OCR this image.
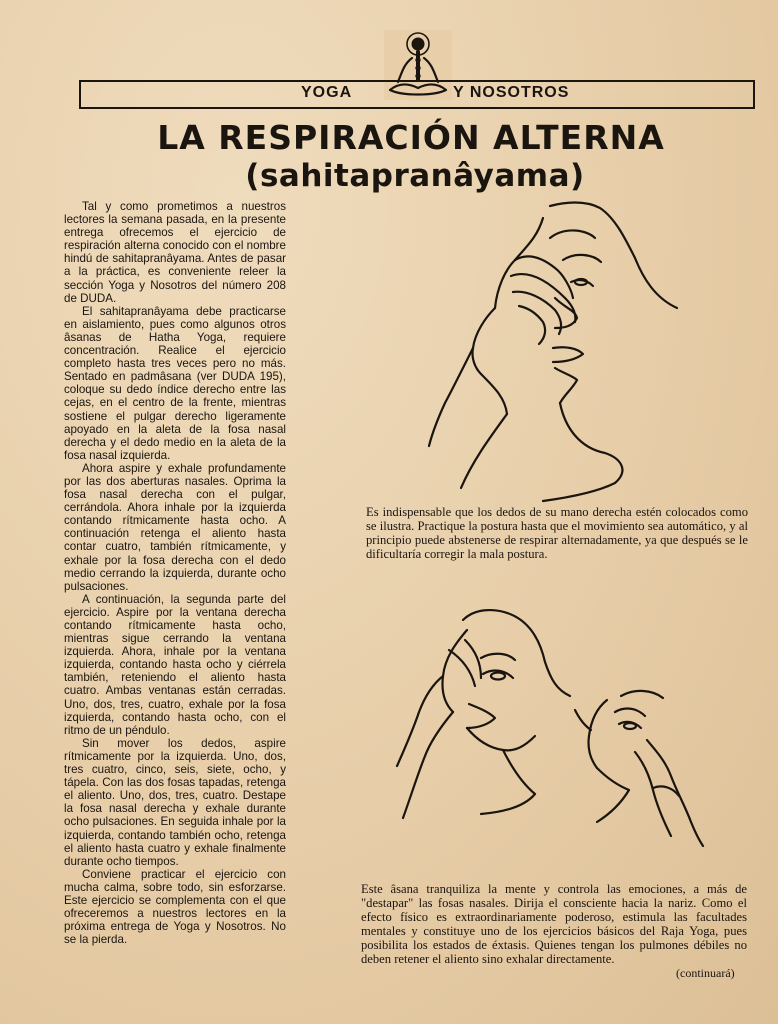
YOGA	Y NOSOTROS
LA RESPIRACIÓN ALTERNA
(sahitapranâyama)

Tal y como prometimos a nuestros lectores la semana pasada, en la presente entrega ofrecemos el ejercicio de respiración alterna conocido con el nombre hindú de sahitapranâyama. Antes de pasar a la práctica, es conveniente releer la sección Yoga y Nosotros del número 208 de DUDA.

El sahitapranâyama debe practicarse en aislamiento, pues como algunos otros âsanas de Hatha Yoga, requiere concentración. Realice el ejercicio completo hasta tres veces pero no más. Sentado en padmâsana (ver DUDA 195), coloque su dedo índice derecho entre las cejas, en el centro de la frente, mientras sostiene el pulgar derecho ligeramente apoyado en la aleta de la fosa nasal derecha y el dedo medio en la aleta de la fosa nasal izquierda.

Ahora aspire y exhale profundamente por las dos aberturas nasales. Oprima la fosa nasal derecha con el pulgar, cerrándola. Ahora inhale por la izquierda contando rítmicamente hasta ocho. A continuación retenga el aliento hasta contar cuatro, también rítmicamente, y exhale por la fosa derecha con el dedo medio cerrando la izquierda, durante ocho pulsaciones.

A continuación, la segunda parte del ejercicio. Aspire por la ventana derecha contando rítmicamente hasta ocho, mientras sigue cerrando la ventana izquierda. Ahora, inhale por la ventana izquierda, contando hasta ocho y ciérrela también, reteniendo el aliento hasta cuatro. Ambas ventanas están cerradas. Uno, dos, tres, cuatro, exhale por la fosa izquierda, contando hasta ocho, con el ritmo de un péndulo.

Sin mover los dedos, aspire rítmicamente por la izquierda. Uno, dos, tres cuatro, cinco, seis, siete, ocho, y tápela. Con las dos fosas tapadas, retenga el aliento. Uno, dos, tres, cuatro. Destape la fosa nasal derecha y exhale durante ocho pulsaciones. En seguida inhale por la izquierda, contando también ocho, retenga el aliento hasta cuatro y exhale finalmente durante ocho tiempos.

Conviene practicar el ejercicio con mucha calma, sobre todo, sin esforzarse. Este ejercicio se complementa con el que ofreceremos a nuestros lectores en la próxima entrega de Yoga y Nosotros. No se la pierda.

Es indispensable que los dedos de su mano derecha estén colocados como se ilustra. Practique la postura hasta que el movimiento sea automático, y al principio puede abstenerse de respirar alternadamente, ya que después se le dificultaría corregir la mala postura.

Este âsana tranquiliza la mente y controla las emociones, a más de "destapar" las fosas nasales. Dirija el consciente hacia la nariz. Como el efecto físico es extraordinariamente poderoso, estimula las facultades mentales y constituye uno de los ejercicios básicos del Raja Yoga, pues posibilita los estados de éxtasis. Quienes tengan los pulmones débiles no deben retener el aliento sino exhalar directamente.

(continuará)
